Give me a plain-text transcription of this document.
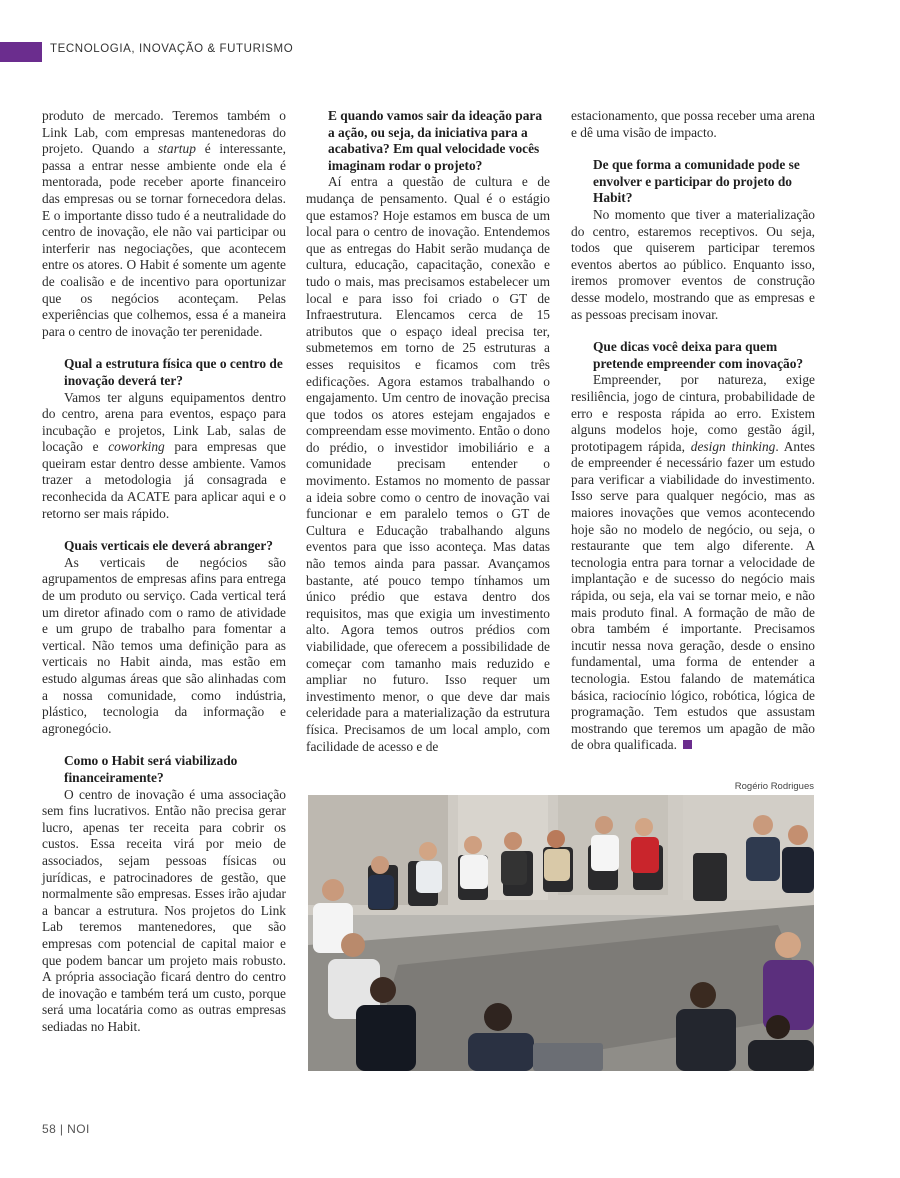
TECNOLOGIA, INOVAÇÃO & FUTURISMO

produto de mercado. Teremos também o Link Lab, com empresas mantenedoras do projeto. Quando a startup é interessante, passa a entrar nesse ambiente onde ela é mentorada, pode receber aporte financeiro das empresas ou se tornar fornecedora delas. E o importante disso tudo é a neutralidade do centro de inovação, ele não vai participar ou interferir nas negociações, que acontecem entre os atores. O Habit é somente um agente de coalisão e de incentivo para oportunizar que os negócios aconteçam. Pelas experiências que colhemos, essa é a maneira para o centro de inovação ter perenidade.

Qual a estrutura física que o centro de inovação deverá ter?

Vamos ter alguns equipamentos dentro do centro, arena para eventos, espaço para incubação e projetos, Link Lab, salas de locação e coworking para empresas que queiram estar dentro desse ambiente. Vamos trazer a metodologia já consagrada e reconhecida da ACATE para aplicar aqui e o retorno ser mais rápido.

Quais verticais ele deverá abranger?

As verticais de negócios são agrupamentos de empresas afins para entrega de um produto ou serviço. Cada vertical terá um diretor afinado com o ramo de atividade e um grupo de trabalho para fomentar a vertical. Não temos uma definição para as verticais no Habit ainda, mas estão em estudo algumas áreas que são alinhadas com a nossa comunidade, como indústria, plástico, tecnologia da informação e agronegócio.

Como o Habit será viabilizado financeiramente?

O centro de inovação é uma associação sem fins lucrativos. Então não precisa gerar lucro, apenas ter receita para cobrir os custos. Essa receita virá por meio de associados, sejam pessoas físicas ou jurídicas, e patrocinadores de gestão, que normalmente são empresas. Esses irão ajudar a bancar a estrutura. Nos projetos do Link Lab teremos mantenedores, que são empresas com potencial de capital maior e que podem bancar um projeto mais robusto. A própria associação ficará dentro do centro de inovação e também terá um custo, porque será uma locatária como as outras empresas sediadas no Habit.

E quando vamos sair da ideação para a ação, ou seja, da iniciativa para a acabativa? Em qual velocidade vocês imaginam rodar o projeto?

Aí entra a questão de cultura e de mudança de pensamento. Qual é o estágio que estamos? Hoje estamos em busca de um local para o centro de inovação. Entendemos que as entregas do Habit serão mudança de cultura, educação, capacitação, conexão e tudo o mais, mas precisamos estabelecer um local e para isso foi criado o GT de Infraestrutura. Elencamos cerca de 15 atributos que o espaço ideal precisa ter, submetemos em torno de 25 estruturas a esses requisitos e ficamos com três edificações. Agora estamos trabalhando o engajamento. Um centro de inovação precisa que todos os atores estejam engajados e compreendam esse movimento. Então o dono do prédio, o investidor imobiliário e a comunidade precisam entender o movimento. Estamos no momento de passar a ideia sobre como o centro de inovação vai funcionar e em paralelo temos o GT de Cultura e Educação trabalhando alguns eventos para que isso aconteça. Mas datas não temos ainda para passar. Avançamos bastante, até pouco tempo tínhamos um único prédio que estava dentro dos requisitos, mas que exigia um investimento alto. Agora temos outros prédios com viabilidade, que oferecem a possibilidade de começar com tamanho mais reduzido e ampliar no futuro. Isso requer um investimento menor, o que deve dar mais celeridade para a materialização da estrutura física. Precisamos de um local amplo, com facilidade de acesso e de

estacionamento, que possa receber uma arena e dê uma visão de impacto.

De que forma a comunidade pode se envolver e participar do projeto do Habit?

No momento que tiver a materialização do centro, estaremos receptivos. Ou seja, todos que quiserem participar teremos eventos abertos ao público. Enquanto isso, iremos promover eventos de construção desse modelo, mostrando que as empresas e as pessoas precisam inovar.

Que dicas você deixa para quem pretende empreender com inovação?

Empreender, por natureza, exige resiliência, jogo de cintura, probabilidade de erro e resposta rápida ao erro. Existem alguns modelos hoje, como gestão ágil, prototipagem rápida, design thinking. Antes de empreender é necessário fazer um estudo para verificar a viabilidade do investimento. Isso serve para qualquer negócio, mas as maiores inovações que vemos acontecendo hoje são no modelo de negócio, ou seja, o restaurante que tem algo diferente. A tecnologia entra para tornar a velocidade de implantação e de sucesso do negócio mais rápida, ou seja, ela vai se tornar meio, e não mais produto final. A formação de mão de obra também é importante. Precisamos incutir nessa nova geração, desde o ensino fundamental, uma forma de entender a tecnologia. Estou falando de matemática básica, raciocínio lógico, robótica, lógica de programação. Tem estudos que assustam mostrando que teremos um apagão de mão de obra qualificada.

Rogério Rodrigues
58 | NOI
